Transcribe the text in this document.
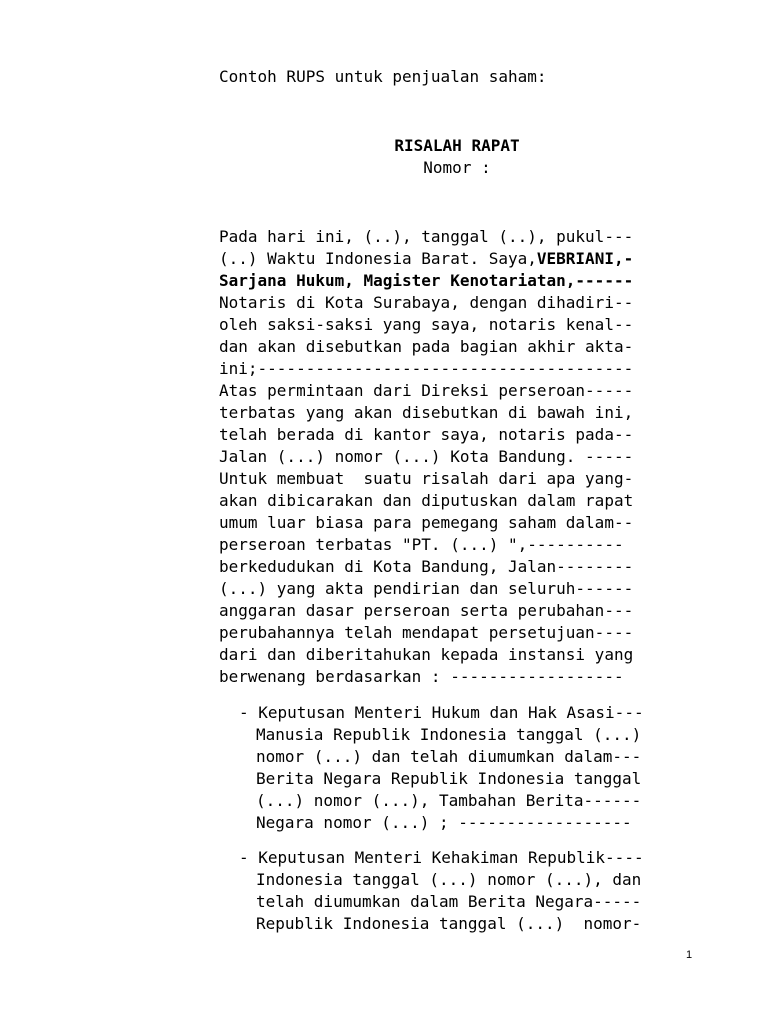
Contoh RUPS untuk penjualan saham:
RISALAH RAPAT
Nomor :
Pada hari ini, (..), tanggal (..), pukul---
(..) Waktu Indonesia Barat. Saya,VEBRIANI,-
Sarjana Hukum, Magister Kenotariatan,------
Notaris di Kota Surabaya, dengan dihadiri--
oleh saksi-saksi yang saya, notaris kenal--
dan akan disebutkan pada bagian akhir akta-
ini;---------------------------------------
Atas permintaan dari Direksi perseroan-----
terbatas yang akan disebutkan di bawah ini,
telah berada di kantor saya, notaris pada--
Jalan (...) nomor (...) Kota Bandung. -----
Untuk membuat  suatu risalah dari apa yang-
akan dibicarakan dan diputuskan dalam rapat
umum luar biasa para pemegang saham dalam--
perseroan terbatas "PT. (...) ",----------
berkedudukan di Kota Bandung, Jalan--------
(...) yang akta pendirian dan seluruh------
anggaran dasar perseroan serta perubahan---
perubahannya telah mendapat persetujuan----
dari dan diberitahukan kepada instansi yang
berwenang berdasarkan : ------------------
- Keputusan Menteri Hukum dan Hak Asasi---
Manusia Republik Indonesia tanggal (...)
nomor (...) dan telah diumumkan dalam---
Berita Negara Republik Indonesia tanggal
(...) nomor (...), Tambahan Berita------
Negara nomor (...) ; ------------------
- Keputusan Menteri Kehakiman Republik----
Indonesia tanggal (...) nomor (...), dan
telah diumumkan dalam Berita Negara-----
Republik Indonesia tanggal (...)  nomor-
1
